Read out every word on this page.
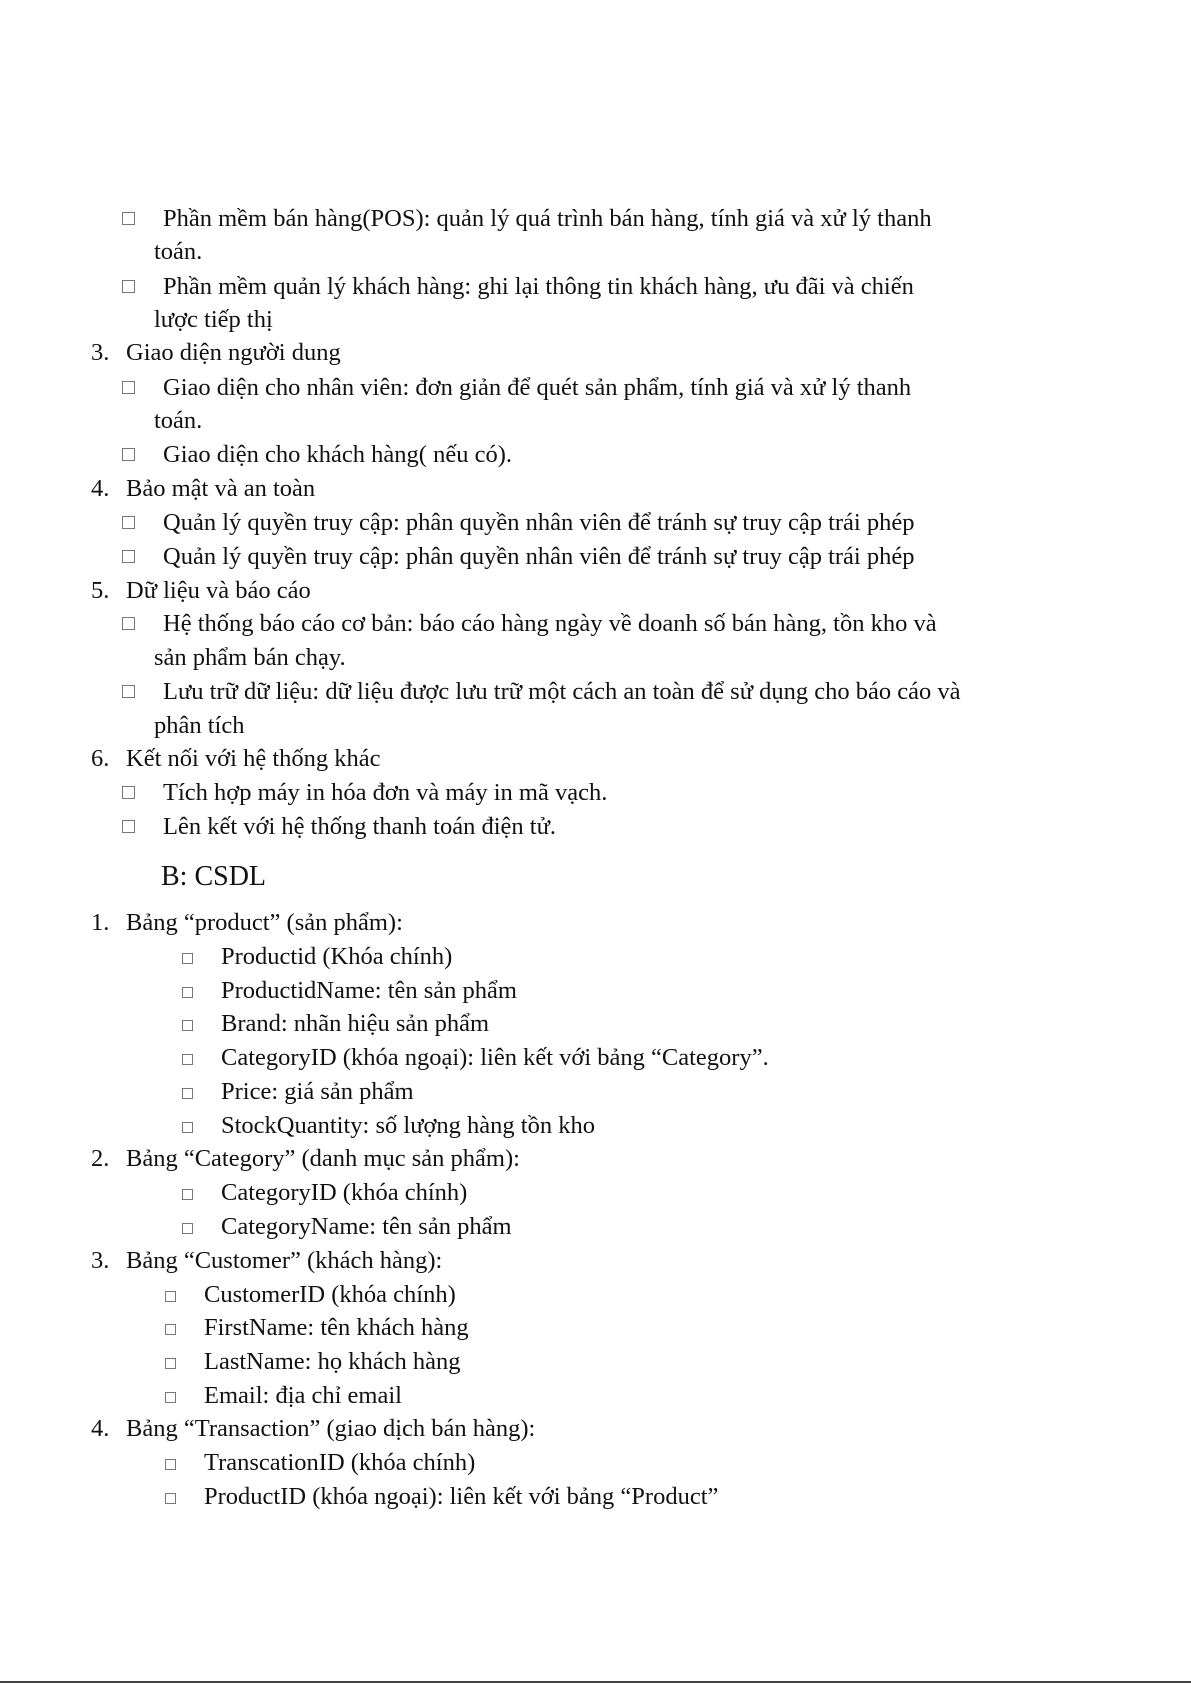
Phần mềm bán hàng(POS): quản lý quá trình bán hàng, tính giá và xử lý thanh
toán.
Phần mềm quản lý khách hàng: ghi lại thông tin khách hàng, ưu đãi và chiến
lược tiếp thị
3. Giao diện người dung
Giao diện cho nhân viên: đơn giản để quét sản phẩm, tính giá và xử lý thanh
toán.
Giao diện cho khách hàng( nếu có).
4. Bảo mật và an toàn
Quản lý quyền truy cập: phân quyền nhân viên để tránh sự truy cập trái phép
Quản lý quyền truy cập: phân quyền nhân viên để tránh sự truy cập trái phép
5. Dữ liệu và báo cáo
Hệ thống báo cáo cơ bản: báo cáo hàng ngày về doanh số bán hàng, tồn kho và
sản phẩm bán chạy.
Lưu trữ dữ liệu: dữ liệu được lưu trữ một cách an toàn để sử dụng cho báo cáo và
phân tích
6. Kết nối với hệ thống khác
Tích hợp máy in hóa đơn và máy in mã vạch.
Lên kết với hệ thống thanh toán điện tử.
B: CSDL
1. Bảng “product” (sản phẩm):
Productid (Khóa chính)
ProductidName: tên sản phẩm
Brand: nhãn hiệu sản phẩm
CategoryID (khóa ngoại): liên kết với bảng “Category”.
Price: giá sản phẩm
StockQuantity: số lượng hàng tồn kho
2. Bảng “Category” (danh mục sản phẩm):
CategoryID (khóa chính)
CategoryName: tên sản phẩm
3. Bảng “Customer” (khách hàng):
CustomerID (khóa chính)
FirstName: tên khách hàng
LastName: họ khách hàng
Email: địa chỉ email
4. Bảng “Transaction” (giao dịch bán hàng):
TranscationID (khóa chính)
ProductID (khóa ngoại): liên kết với bảng “Product”
